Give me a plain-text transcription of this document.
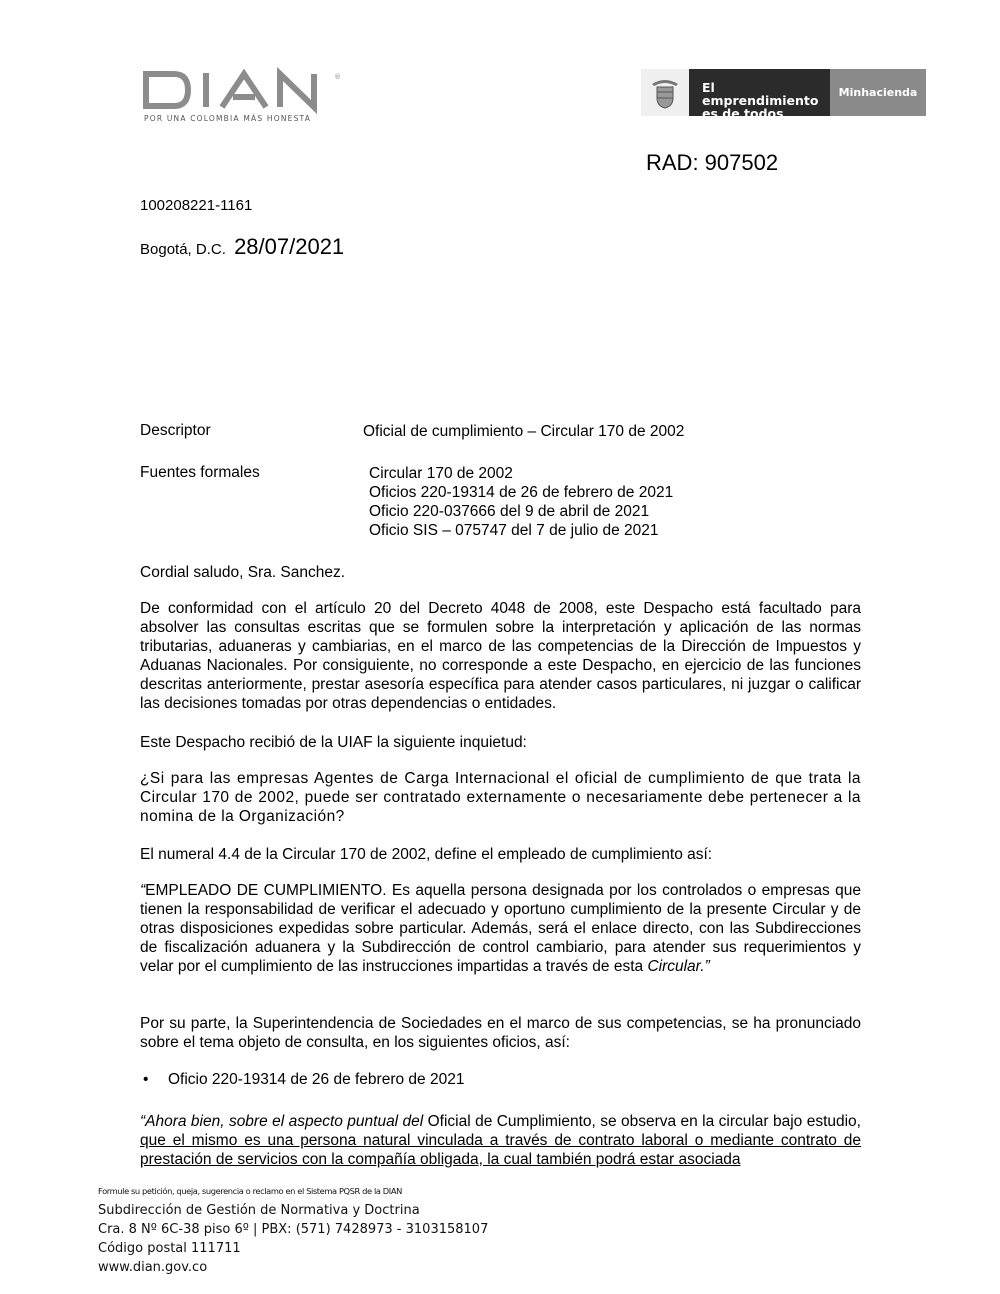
®
POR UNA COLOMBIA MÁS HONESTA
El emprendimiento
es de todos
Minhacienda
RAD: 907502
100208221-1161
Bogotá, D.C. 28/07/2021
Descriptor	Oficial de cumplimiento – Circular 170 de 2002
Fuentes formales	Circular 170 de 2002
Oficios 220-19314 de 26 de febrero de 2021
Oficio 220-037666 del 9 de abril de 2021
Oficio SIS – 075747 del 7 de julio de 2021
Cordial saludo, Sra. Sanchez.
De conformidad con el artículo 20 del Decreto 4048 de 2008, este Despacho está facultado para absolver las consultas escritas que se formulen sobre la interpretación y aplicación de las normas tributarias, aduaneras y cambiarias, en el marco de las competencias de la Dirección de Impuestos y Aduanas Nacionales. Por consiguiente, no corresponde a este Despacho, en ejercicio de las funciones descritas anteriormente, prestar asesoría específica para atender casos particulares, ni juzgar o calificar las decisiones tomadas por otras dependencias o entidades.
Este Despacho recibió de la UIAF la siguiente inquietud:
¿Si para las empresas Agentes de Carga Internacional el oficial de cumplimiento de que trata la Circular 170 de 2002, puede ser contratado externamente o necesariamente debe pertenecer a la nomina de la Organización?
El numeral 4.4 de la Circular 170 de 2002, define el empleado de cumplimiento así:
“EMPLEADO DE CUMPLIMIENTO. Es aquella persona designada por los controlados o empresas que tienen la responsabilidad de verificar el adecuado y oportuno cumplimiento de la presente Circular y de otras disposiciones expedidas sobre particular. Además, será el enlace directo, con las Subdirecciones de fiscalización aduanera y la Subdirección de control cambiario, para atender sus requerimientos y velar por el cumplimiento de las instrucciones impartidas a través de esta Circular.”
Por su parte, la Superintendencia de Sociedades en el marco de sus competencias, se ha pronunciado sobre el tema objeto de consulta, en los siguientes oficios, así:
•	Oficio 220-19314 de 26 de febrero de 2021
“Ahora bien, sobre el aspecto puntual del Oficial de Cumplimiento, se observa en la circular bajo estudio, que el mismo es una persona natural vinculada a través de contrato laboral o mediante contrato de prestación de servicios con la compañía obligada, la cual también podrá estar asociada
Formule su petición, queja, sugerencia o reclamo en el Sistema PQSR de la DIAN
Subdirección de Gestión de Normativa y Doctrina
Cra. 8 Nº 6C-38 piso 6º | PBX: (571) 7428973 - 3103158107
Código postal 111711
www.dian.gov.co
